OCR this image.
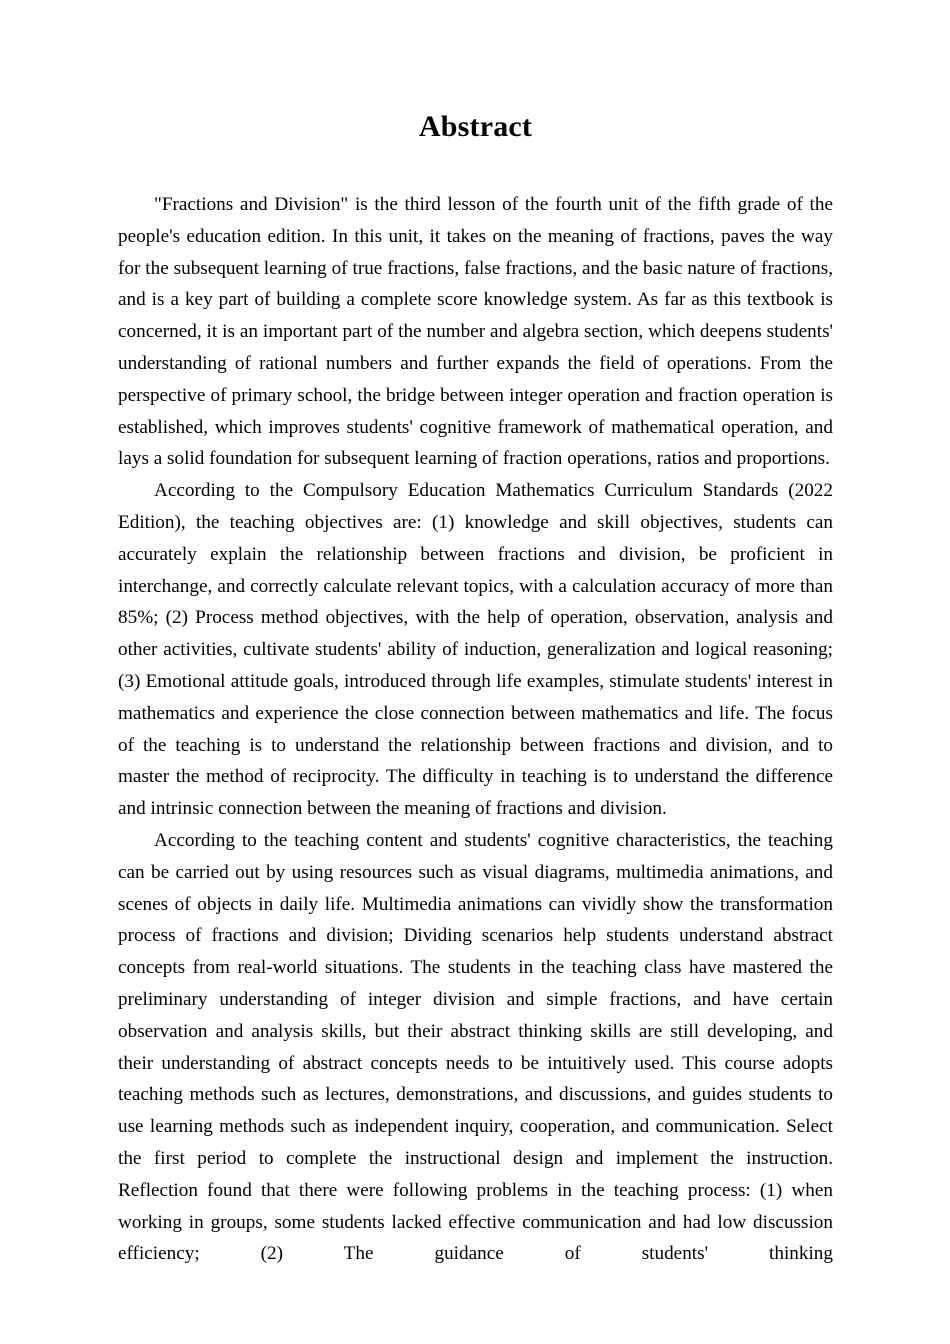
Abstract
"Fractions and Division" is the third lesson of the fourth unit of the fifth grade of the people's education edition. In this unit, it takes on the meaning of fractions, paves the way for the subsequent learning of true fractions, false fractions, and the basic nature of fractions, and is a key part of building a complete score knowledge system. As far as this textbook is concerned, it is an important part of the number and algebra section, which deepens students' understanding of rational numbers and further expands the field of operations. From the perspective of primary school, the bridge between integer operation and fraction operation is established, which improves students' cognitive framework of mathematical operation, and lays a solid foundation for subsequent learning of fraction operations, ratios and proportions.
According to the Compulsory Education Mathematics Curriculum Standards (2022 Edition), the teaching objectives are: (1) knowledge and skill objectives, students can accurately explain the relationship between fractions and division, be proficient in interchange, and correctly calculate relevant topics, with a calculation accuracy of more than 85%; (2) Process method objectives, with the help of operation, observation, analysis and other activities, cultivate students' ability of induction, generalization and logical reasoning; (3) Emotional attitude goals, introduced through life examples, stimulate students' interest in mathematics and experience the close connection between mathematics and life. The focus of the teaching is to understand the relationship between fractions and division, and to master the method of reciprocity. The difficulty in teaching is to understand the difference and intrinsic connection between the meaning of fractions and division.
According to the teaching content and students' cognitive characteristics, the teaching can be carried out by using resources such as visual diagrams, multimedia animations, and scenes of objects in daily life. Multimedia animations can vividly show the transformation process of fractions and division; Dividing scenarios help students understand abstract concepts from real-world situations. The students in the teaching class have mastered the preliminary understanding of integer division and simple fractions, and have certain observation and analysis skills, but their abstract thinking skills are still developing, and their understanding of abstract concepts needs to be intuitively used. This course adopts teaching methods such as lectures, demonstrations, and discussions, and guides students to use learning methods such as independent inquiry, cooperation, and communication. Select the first period to complete the instructional design and implement the instruction. Reflection found that there were following problems in the teaching process: (1) when working in groups, some students lacked effective communication and had low discussion efficiency; (2) The guidance of students' thinking
